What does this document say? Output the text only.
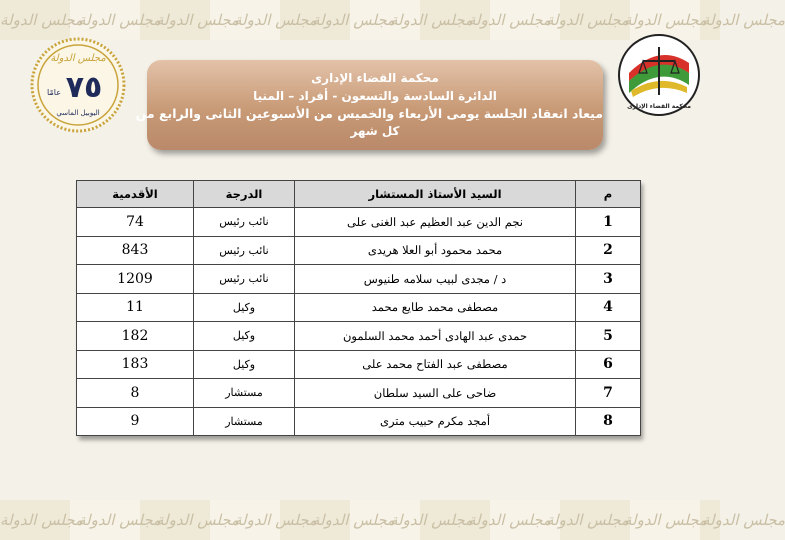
مجلس الدولة
مجلس الدولة
مجلس الدولة
مجلس الدولة
مجلس الدولة
مجلس الدولة
مجلس الدولة
مجلس الدولة
مجلس الدولة
مجلس الدولة
مجلس الدولة
مجلس الدولة
مجلس الدولة
مجلس الدولة
مجلس الدولة
مجلس الدولة
مجلس الدولة
مجلس الدولة
مجلس الدولة
مجلس الدولة
مجلس الدولة
٧٥
عامًا
اليوبيل الماسي
محكمة القضاء الإدارى
محكمة القضاء الإدارى
الدائرة السادسة والتسعون - أفراد – المنيا
ميعاد انعقاد الجلسة يومى الأربعاء والخميس من الأسبوعين الثانى والرابع من
كل شهر
م	السيد الأستاذ المستشار	الدرجة	الأقدمية
1	نجم الدين عبد العظيم عبد الغنى على	نائب رئيس	74
2	محمد محمود أبو العلا هريدى	نائب رئيس	843
3	د / مجدى لبيب سلامه طنيوس	نائب رئيس	1209
4	مصطفى محمد طايع محمد	وكيل	11
5	حمدى عبد الهادى أحمد محمد السلمون	وكيل	182
6	مصطفى عبد الفتاح محمد على	وكيل	183
7	ضاحى على السيد سلطان	مستشار	8
8	أمجد مكرم حبيب مترى	مستشار	9
